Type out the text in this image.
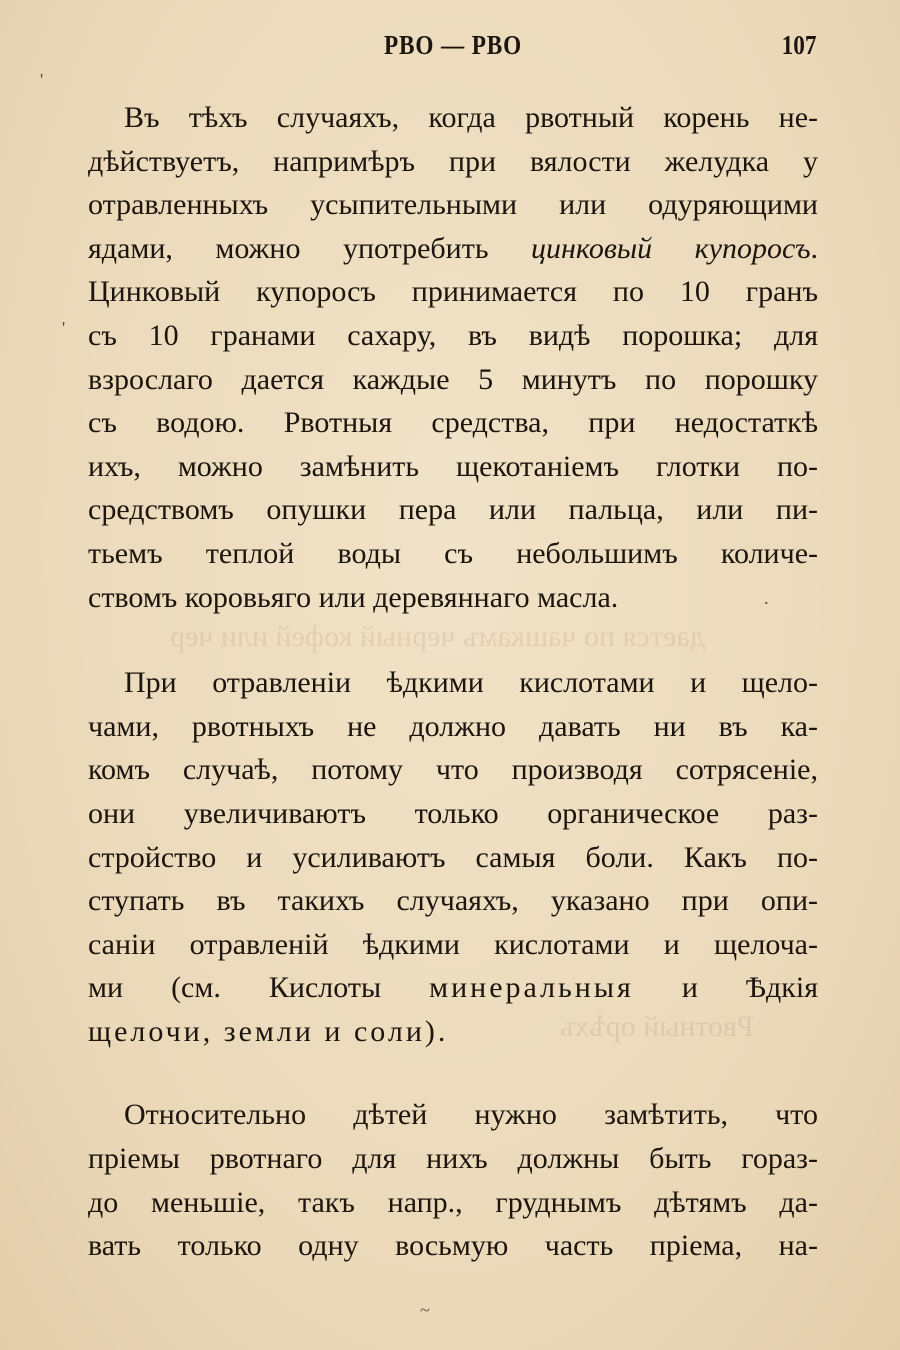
дается по чашкамъ черный кофей или чер
Рвотный орѣхъ
РВО — РВО	107
Въ тѣхъ случаяхъ, когда рвотный корень не-
дѣйствуетъ, напримѣръ при вялости желудка у
отравленныхъ усыпительными или одуряющими
ядами, можно употребить цинковый купоросъ.
Цинковый купоросъ принимается по 10 гранъ
съ 10 гранами сахару, въ видѣ порошка; для
взрослаго дается каждые 5 минутъ по порошку
съ водою. Рвотныя средства, при недостаткѣ
ихъ, можно замѣнить щекотаніемъ глотки по-
средствомъ опушки пера или пальца, или пи-
тьемъ теплой воды съ небольшимъ количе-
ствомъ коровьяго или деревяннаго масла.
При отравленіи ѣдкими кислотами и щело-
чами, рвотныхъ не должно давать ни въ ка-
комъ случаѣ, потому что производя сотрясеніе,
они увеличиваютъ только органическое раз-
стройство и усиливаютъ самыя боли. Какъ по-
ступать въ такихъ случаяхъ, указано при опи-
саніи отравленій ѣдкими кислотами и щелоча-
ми (см. Кислоты минеральныя и Ѣдкія
щелочи, земли и соли).
Относительно дѣтей нужно замѣтить, что
пріемы рвотнаго для нихъ должны быть гораз-
до меньшіе, такъ напр., груднымъ дѣтямъ да-
вать только одну восьмую часть пріема, на-
'
'
.
~
